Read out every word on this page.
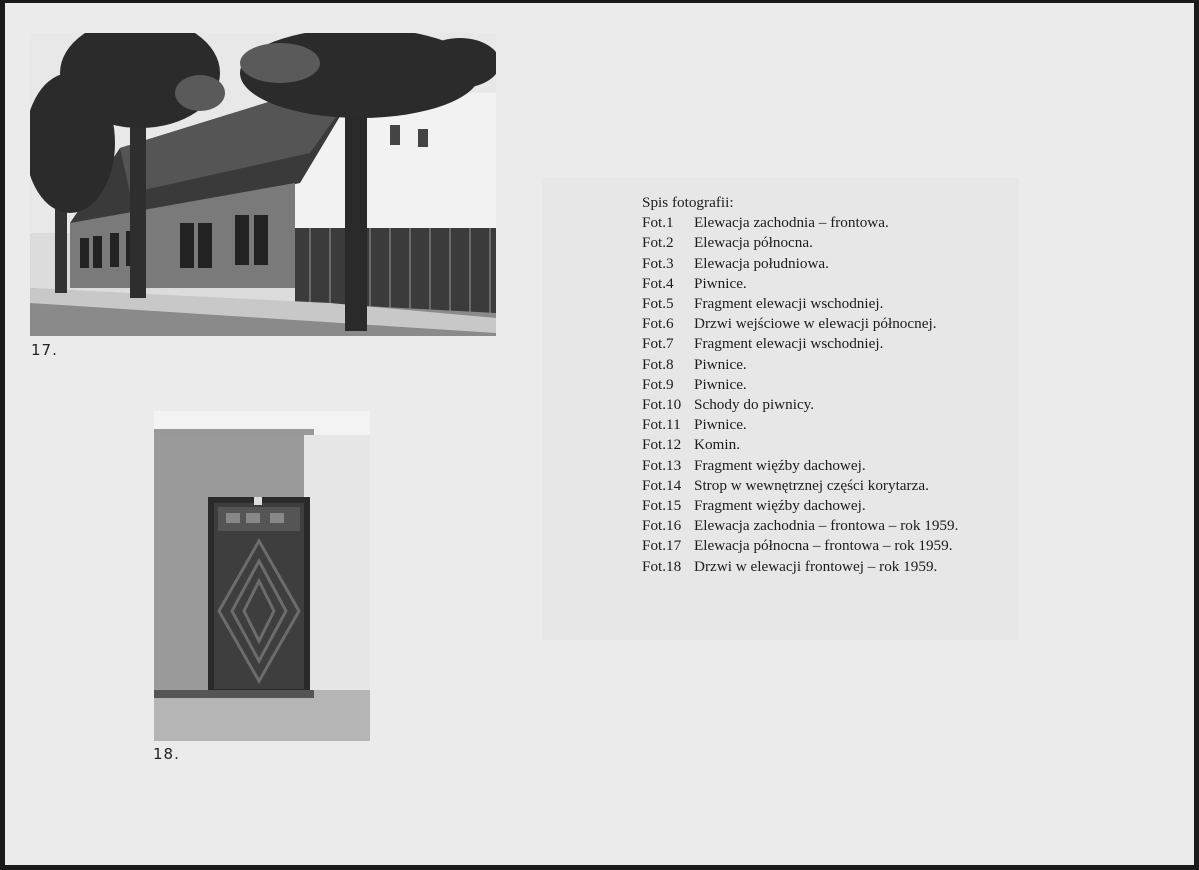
17.
18.
Spis fotografii:
Fot.1 Elewacja zachodnia – frontowa.
Fot.2 Elewacja północna.
Fot.3 Elewacja południowa.
Fot.4 Piwnice.
Fot.5 Fragment elewacji wschodniej.
Fot.6 Drzwi wejściowe w elewacji północnej.
Fot.7 Fragment elewacji wschodniej.
Fot.8 Piwnice.
Fot.9 Piwnice.
Fot.10 Schody do piwnicy.
Fot.11 Piwnice.
Fot.12 Komin.
Fot.13 Fragment więźby dachowej.
Fot.14 Strop w wewnętrznej części korytarza.
Fot.15 Fragment więźby dachowej.
Fot.16 Elewacja zachodnia – frontowa – rok 1959.
Fot.17 Elewacja północna – frontowa – rok 1959.
Fot.18 Drzwi w elewacji frontowej – rok 1959.
